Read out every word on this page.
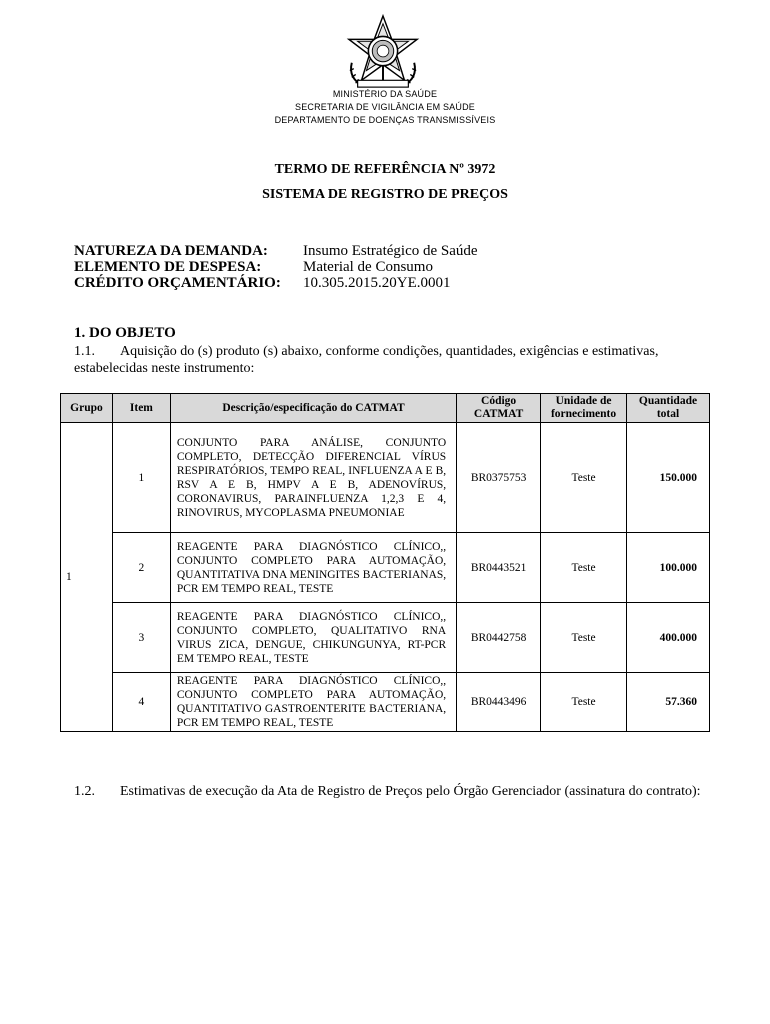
MINISTÉRIO DA SAÚDE
SECRETARIA DE VIGILÂNCIA EM SAÚDE
DEPARTAMENTO DE DOENÇAS TRANSMISSÍVEIS
TERMO DE REFERÊNCIA Nº 3972
SISTEMA DE REGISTRO DE PREÇOS
NATUREZA DA DEMANDA:	Insumo Estratégico de Saúde
ELEMENTO DE DESPESA:	Material de Consumo
CRÉDITO ORÇAMENTÁRIO:	10.305.2015.20YE.0001
1. DO OBJETO
1.1. Aquisição do (s) produto (s) abaixo, conforme condições, quantidades, exigências e estimativas, estabelecidas neste instrumento:
Grupo	Item	Descrição/especificação do CATMAT	Código CATMAT	Unidade de fornecimento	Quantidade total
1	1	CONJUNTO PARA ANÁLISE, CONJUNTO COMPLETO, DETECÇÃO DIFERENCIAL VÍRUS RESPIRATÓRIOS, TEMPO REAL, INFLUENZA A E B, RSV A E B, HMPV A E B, ADENOVÍRUS, CORONAVIRUS, PARAINFLUENZA 1,2,3 E 4, RINOVIRUS, MYCOPLASMA PNEUMONIAE	BR0375753	Teste	150.000
	2	REAGENTE PARA DIAGNÓSTICO CLÍNICO,, CONJUNTO COMPLETO PARA AUTOMAÇÃO, QUANTITATIVA DNA MENINGITES BACTERIANAS, PCR EM TEMPO REAL, TESTE	BR0443521	Teste	100.000
	3	REAGENTE PARA DIAGNÓSTICO CLÍNICO,, CONJUNTO COMPLETO, QUALITATIVO RNA VIRUS ZICA, DENGUE, CHIKUNGUNYA, RT-PCR EM TEMPO REAL, TESTE	BR0442758	Teste	400.000
	4	REAGENTE PARA DIAGNÓSTICO CLÍNICO,, CONJUNTO COMPLETO PARA AUTOMAÇÃO, QUANTITATIVO GASTROENTERITE BACTERIANA, PCR EM TEMPO REAL, TESTE	BR0443496	Teste	57.360
1.2. Estimativas de execução da Ata de Registro de Preços pelo Órgão Gerenciador (assinatura do contrato):
